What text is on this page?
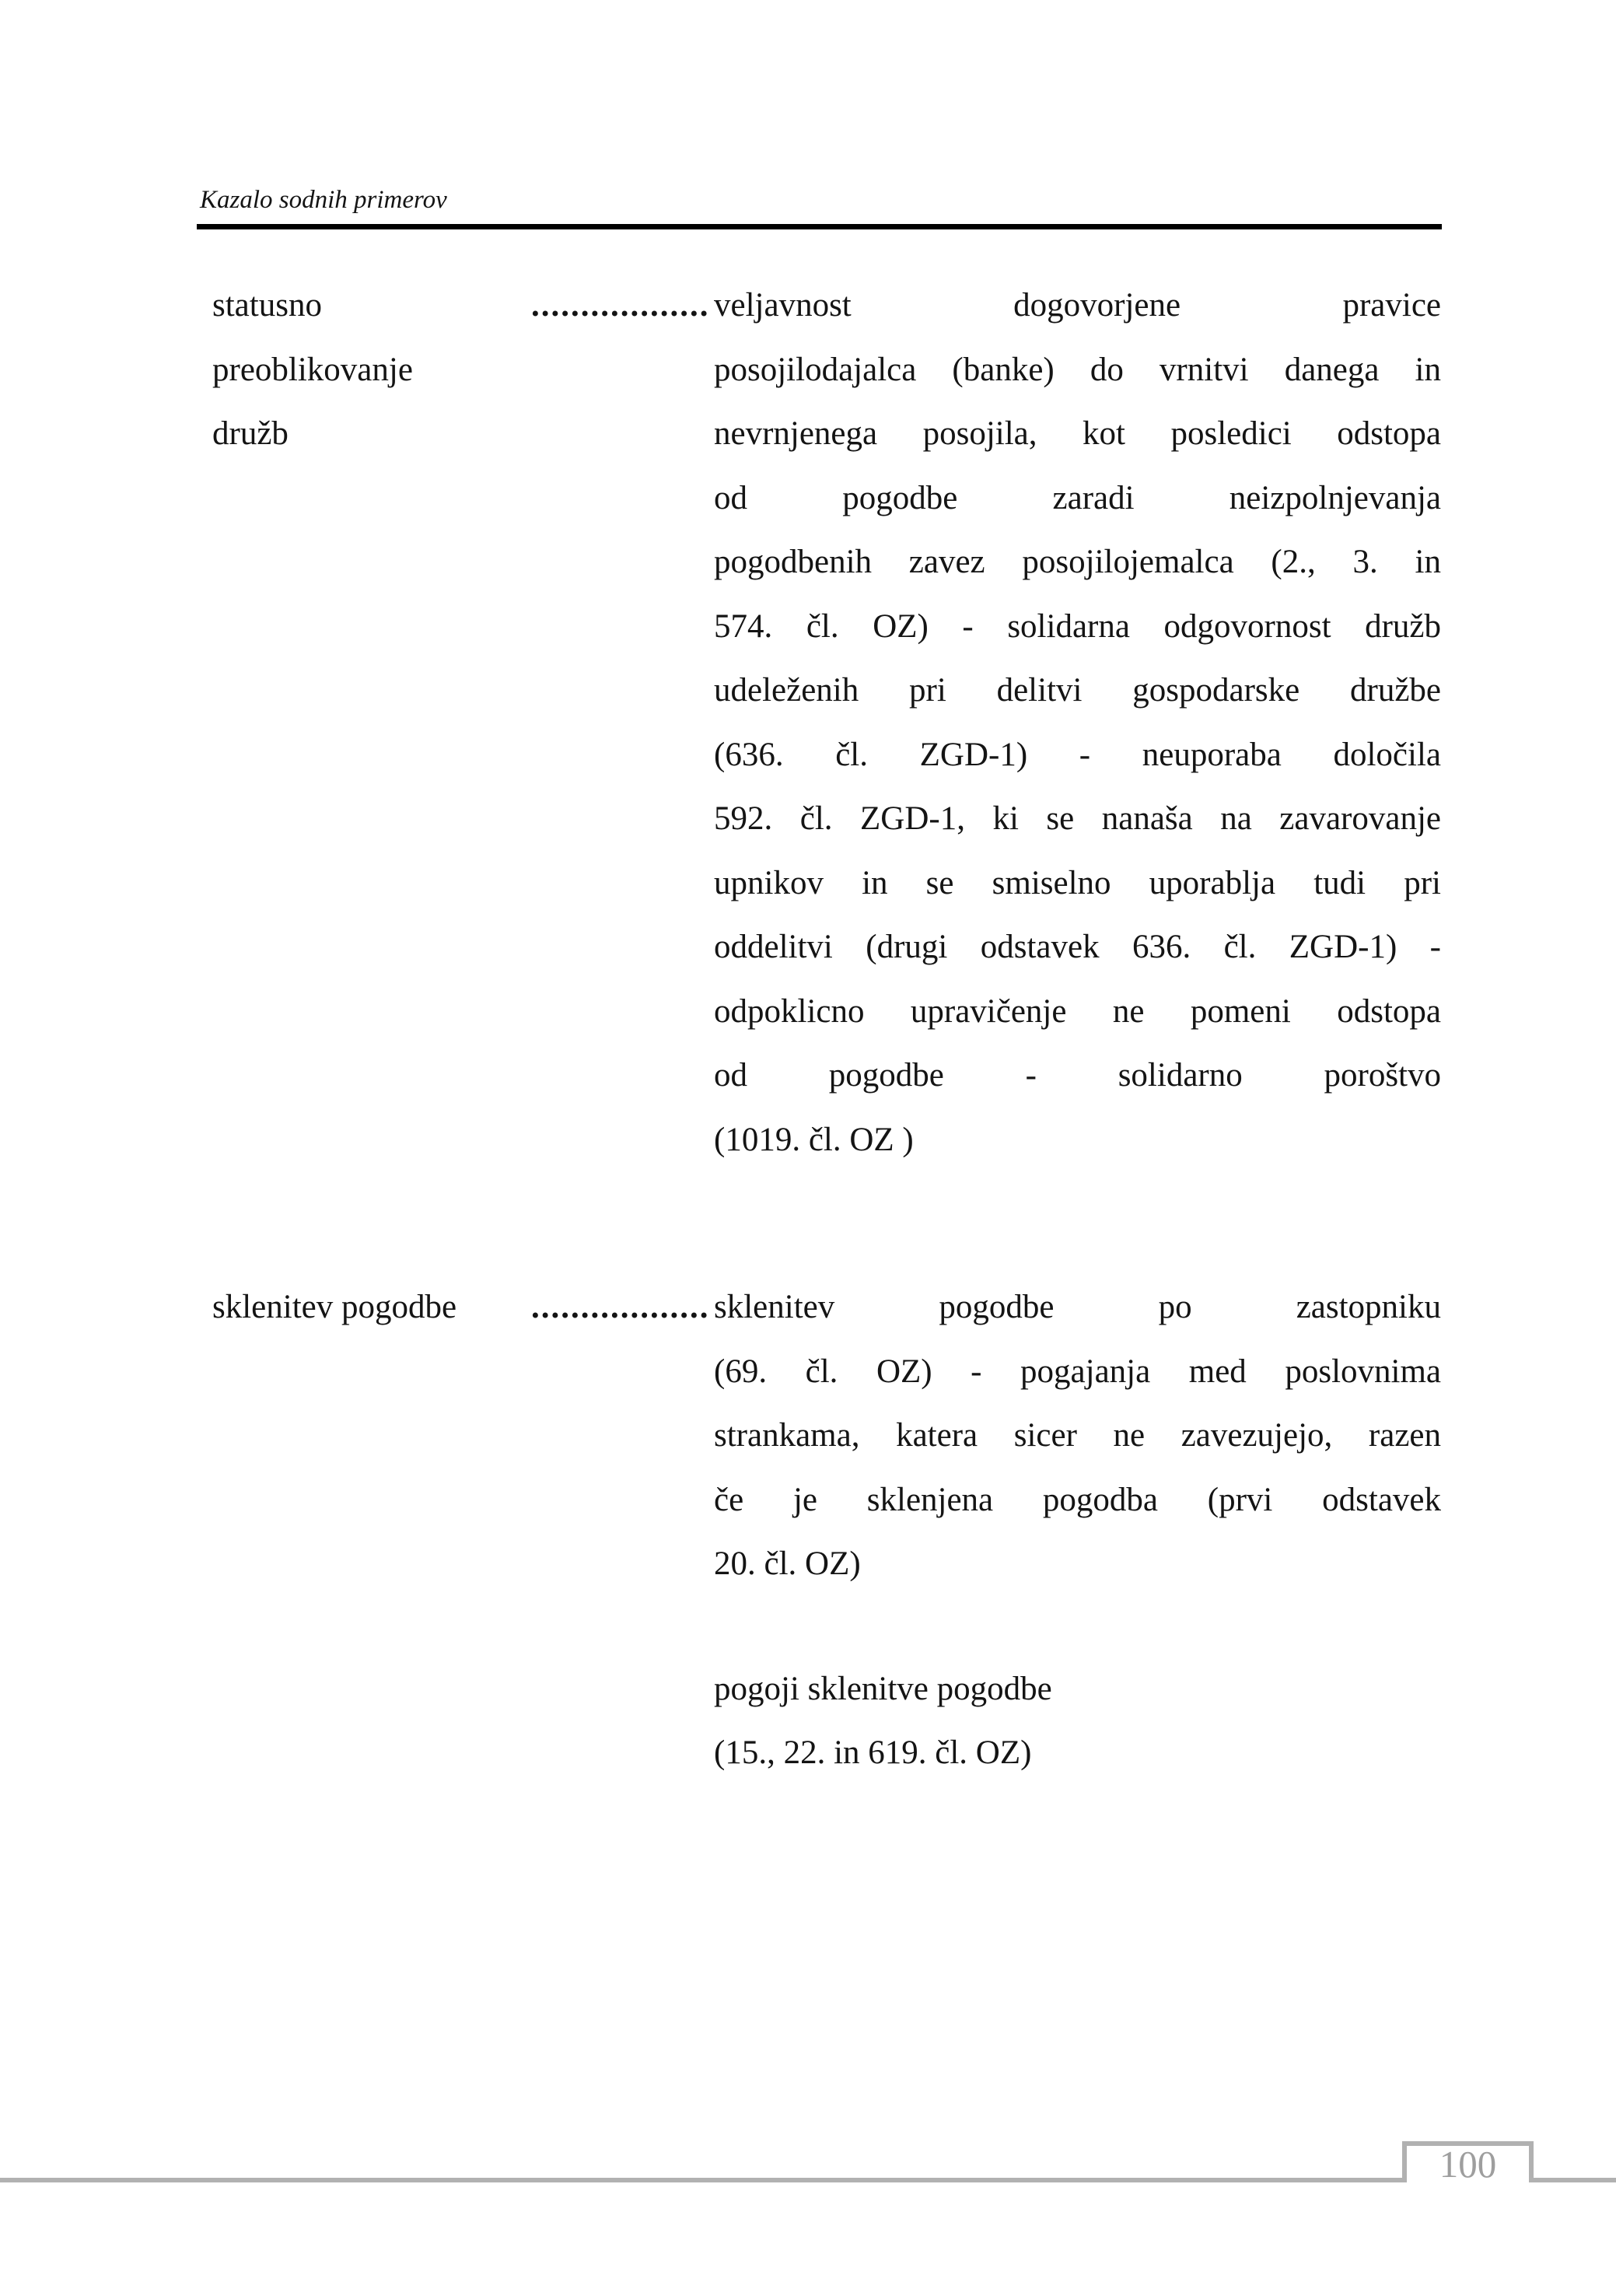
Kazalo sodnih primerov
statusno
preoblikovanje
družb
.................. veljavnost dogovorjene pravice
posojilodajalca (banke) do vrnitvi danega in
nevrnjenega posojila, kot posledici odstopa
od pogodbe zaradi neizpolnjevanja
pogodbenih zavez posojilojemalca (2., 3. in
574. čl. OZ) - solidarna odgovornost družb
udeleženih pri delitvi gospodarske družbe
(636. čl. ZGD-1) - neuporaba določila
592. čl. ZGD-1, ki se nanaša na zavarovanje
upnikov in se smiselno uporablja tudi pri
oddelitvi (drugi odstavek 636. čl. ZGD-1) -
odpoklicno upravičenje ne pomeni odstopa
od pogodbe - solidarno poroštvo
(1019. čl. OZ )
sklenitev pogodbe	.................. sklenitev pogodbe po zastopniku
(69. čl. OZ) - pogajanja med poslovnima
strankama, katera sicer ne zavezujejo, razen
če je sklenjena pogodba (prvi odstavek
20. čl. OZ)
pogoji sklenitve pogodbe
(15., 22. in 619. čl. OZ)
100
